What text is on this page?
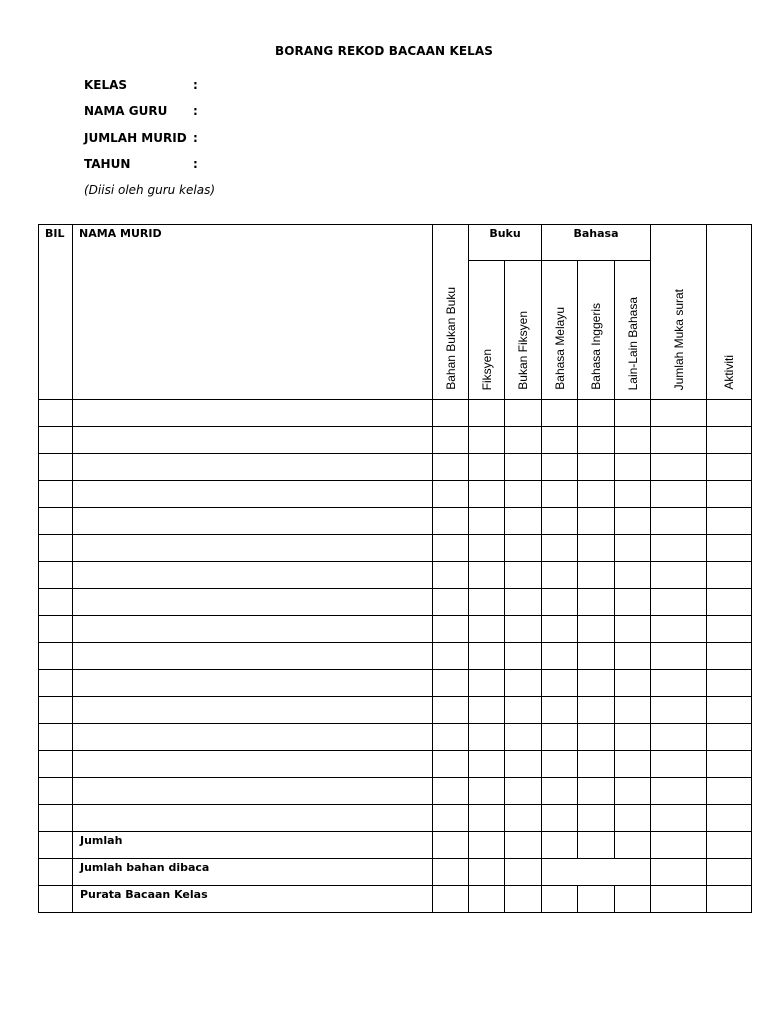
BORANG REKOD BACAAN KELAS
KELAS	:
NAMA GURU :
JUMLAH MURID :
TAHUN	:
(Diisi oleh guru kelas)
BIL	NAMA MURID	Bahan Bukan Buku	Buku		Bahasa			Jumlah Muka surat	Aktiviti
			Fiksyen	Bukan Fiksyen	Bahasa Melayu	Bahasa Inggeris	Lain-Lain Bahasa		

	Jumlah								

	Jumlah bahan dibaca								

	Purata Bacaan Kelas								
